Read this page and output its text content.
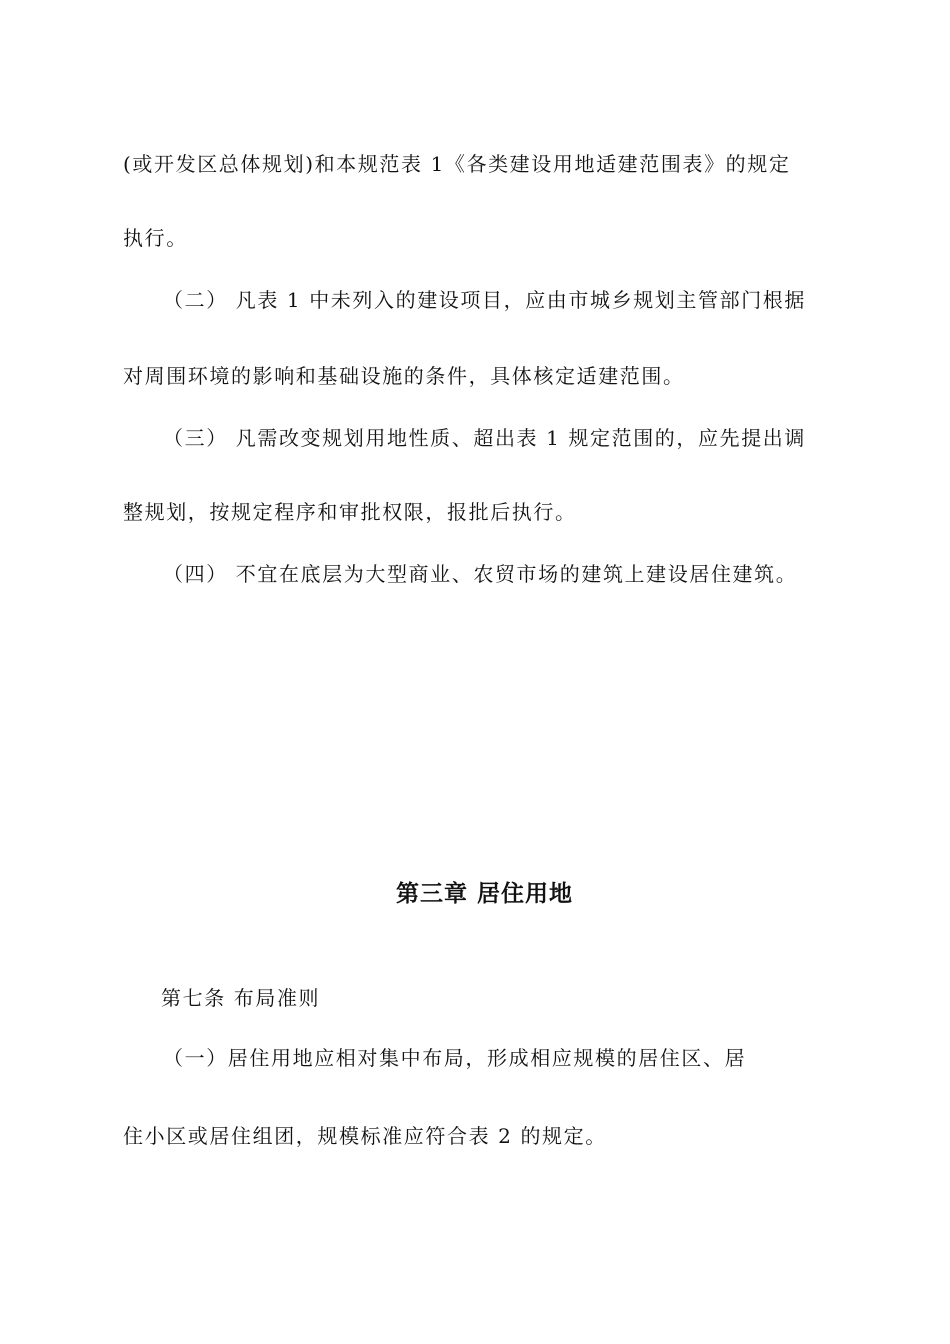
(或开发区总体规划)和本规范表 1《各类建设用地适建范围表》的规定

执行。

（二） 凡表 1 中未列入的建设项目，应由市城乡规划主管部门根据

对周围环境的影响和基础设施的条件，具体核定适建范围。

（三） 凡需改变规划用地性质、超出表 1 规定范围的，应先提出调

整规划，按规定程序和审批权限，报批后执行。

（四） 不宜在底层为大型商业、农贸市场的建筑上建设居住建筑。

第三章 居住用地

第七条 布局准则

（一）居住用地应相对集中布局，形成相应规模的居住区、居

住小区或居住组团，规模标准应符合表 2 的规定。
